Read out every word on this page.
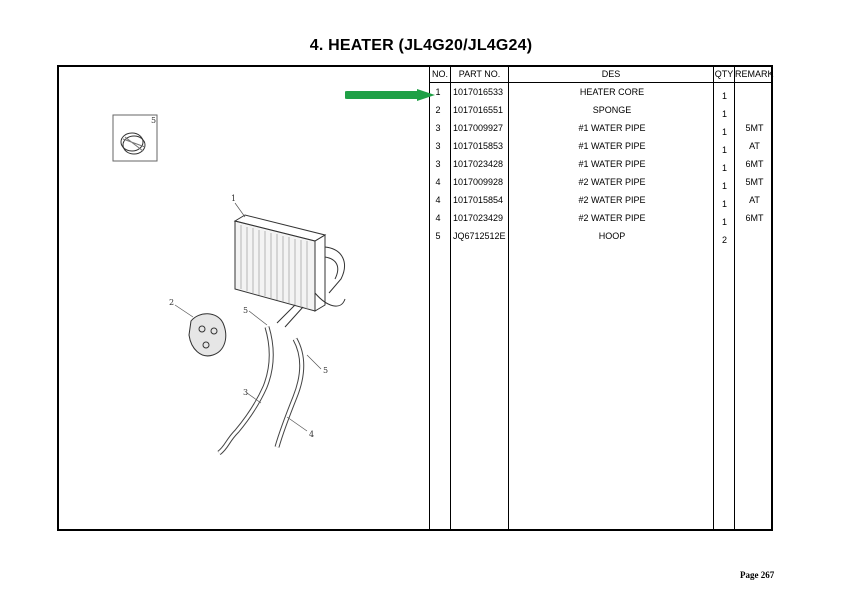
4. HEATER (JL4G20/JL4G24)
5
1
2
5
5
3
4
NO.	PART NO.	DES	QTY REMARK
1	1017016533	HEATER CORE	1
2	1017016551	SPONGE	1
3	1017009927	#1 WATER PIPE	1	5MT
3	1017015853	#1 WATER PIPE	1	AT
3	1017023428	#1 WATER PIPE	1	6MT
4	1017009928	#2 WATER PIPE	1	5MT
4	1017015854	#2 WATER PIPE	1	AT
4	1017023429	#2 WATER PIPE	1	6MT
5	JQ6712512E	HOOP	2
Page 267
